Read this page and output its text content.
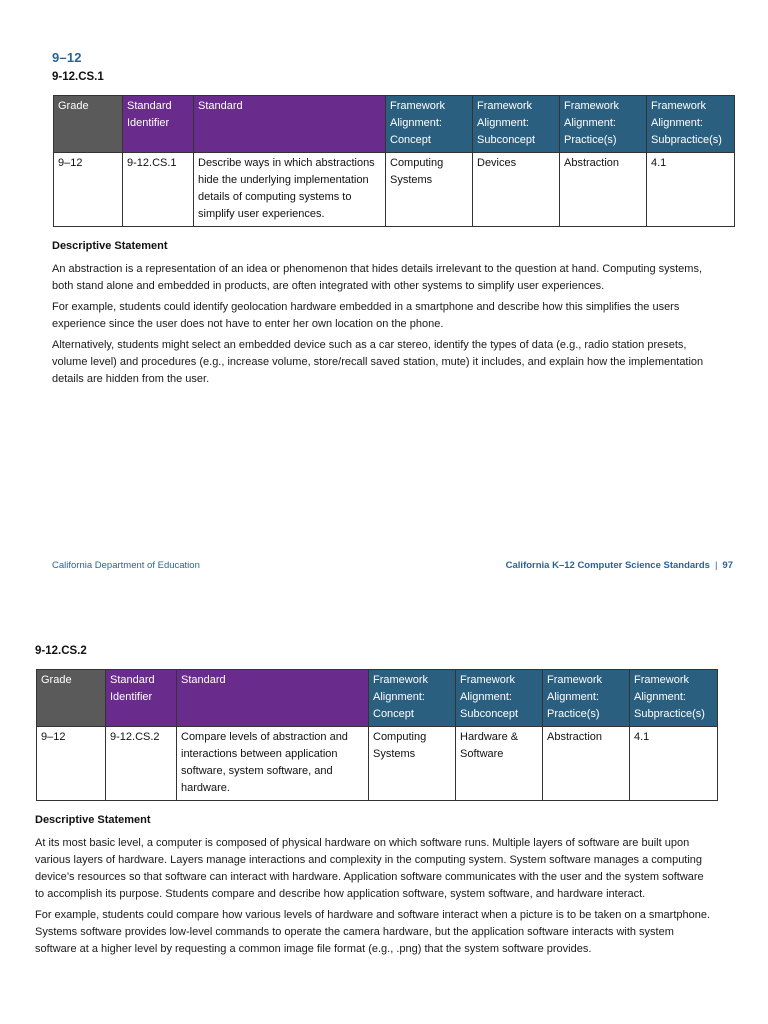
9–12
9-12.CS.1
Grade	Standard Identifier	Standard	Framework Alignment: Concept	Framework Alignment: Subconcept	Framework Alignment: Practice(s)	Framework Alignment: Subpractice(s)
9–12	9-12.CS.1	Describe ways in which abstractions hide the underlying implementation details of computing systems to simplify user experiences.	Computing Systems	Devices	Abstraction	4.1
Descriptive Statement

An abstraction is a representation of an idea or phenomenon that hides details irrelevant to the question at hand. Computing systems, both stand alone and embedded in products, are often integrated with other systems to simplify user experiences.

For example, students could identify geolocation hardware embedded in a smartphone and describe how this simplifies the users experience since the user does not have to enter her own location on the phone.

Alternatively, students might select an embedded device such as a car stereo, identify the types of data (e.g., radio station presets, volume level) and procedures (e.g., increase volume, store/recall saved station, mute) it includes, and explain how the implementation details are hidden from the user.

California Department of Education	California K–12 Computer Science Standards | 97
9-12.CS.2
Grade	Standard Identifier	Standard	Framework Alignment: Concept	Framework Alignment: Subconcept	Framework Alignment: Practice(s)	Framework Alignment: Subpractice(s)
9–12	9-12.CS.2	Compare levels of abstraction and interactions between application software, system software, and hardware.	Computing Systems	Hardware & Software	Abstraction	4.1
Descriptive Statement

At its most basic level, a computer is composed of physical hardware on which software runs. Multiple layers of software are built upon various layers of hardware. Layers manage interactions and complexity in the computing system. System software manages a computing device’s resources so that software can interact with hardware. Application software communicates with the user and the system software to accomplish its purpose. Students compare and describe how application software, system software, and hardware interact.

For example, students could compare how various levels of hardware and software interact when a picture is to be taken on a smartphone. Systems software provides low-level commands to operate the camera hardware, but the application software interacts with system software at a higher level by requesting a common image file format (e.g., .png) that the system software provides.
